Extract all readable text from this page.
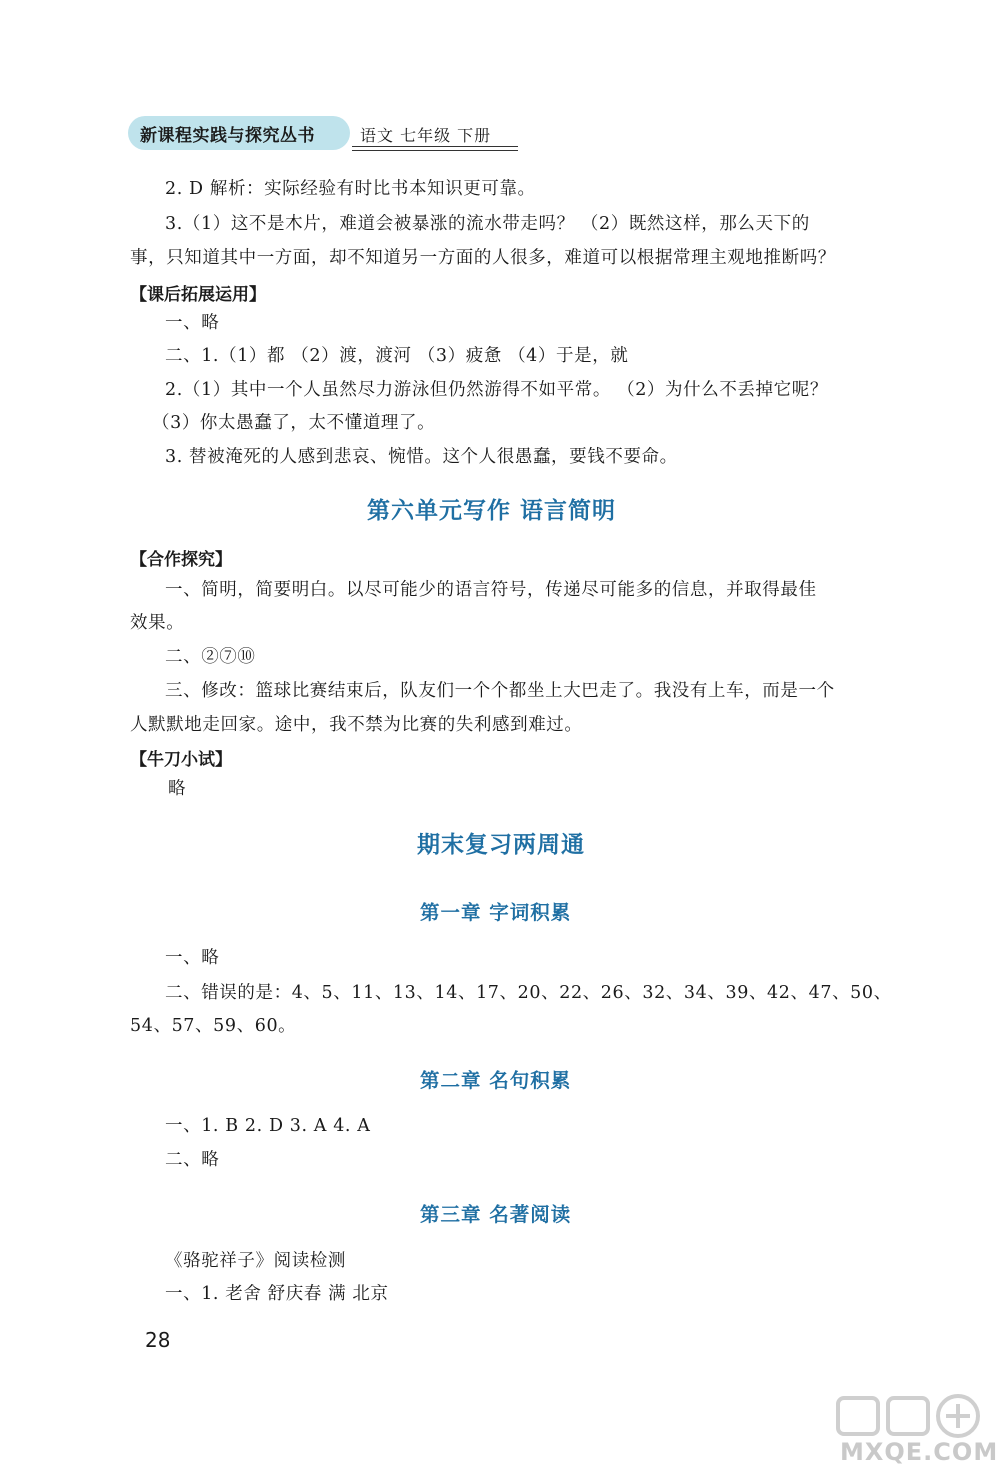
新课程实践与探究丛书	语文 七年级 下册
2. D 解析：实际经验有时比书本知识更可靠。
3.（1）这不是木片，难道会被暴涨的流水带走吗？ （2）既然这样，那么天下的
事，只知道其中一方面，却不知道另一方面的人很多，难道可以根据常理主观地推断吗？
【课后拓展运用】
一、略
二、1.（1）都 （2）渡，渡河 （3）疲惫 （4）于是，就
2.（1）其中一个人虽然尽力游泳但仍然游得不如平常。 （2）为什么不丢掉它呢？
（3）你太愚蠢了，太不懂道理了。
3. 替被淹死的人感到悲哀、惋惜。这个人很愚蠢，要钱不要命。
第六单元写作 语言简明
【合作探究】
一、简明，简要明白。以尽可能少的语言符号，传递尽可能多的信息，并取得最佳
效果。
二、②⑦⑩
三、修改：篮球比赛结束后，队友们一个个都坐上大巴走了。我没有上车，而是一个
人默默地走回家。途中，我不禁为比赛的失利感到难过。
【牛刀小试】
略
期末复习两周通
第一章 字词积累
一、略
二、错误的是：4、5、11、13、14、17、20、22、26、32、34、39、42、47、50、
54、57、59、60。
第二章 名句积累
一、1. B 2. D 3. A 4. A
二、略
第三章 名著阅读
《骆驼祥子》阅读检测
一、1. 老舍 舒庆春 满 北京
28
MXQE.COM
